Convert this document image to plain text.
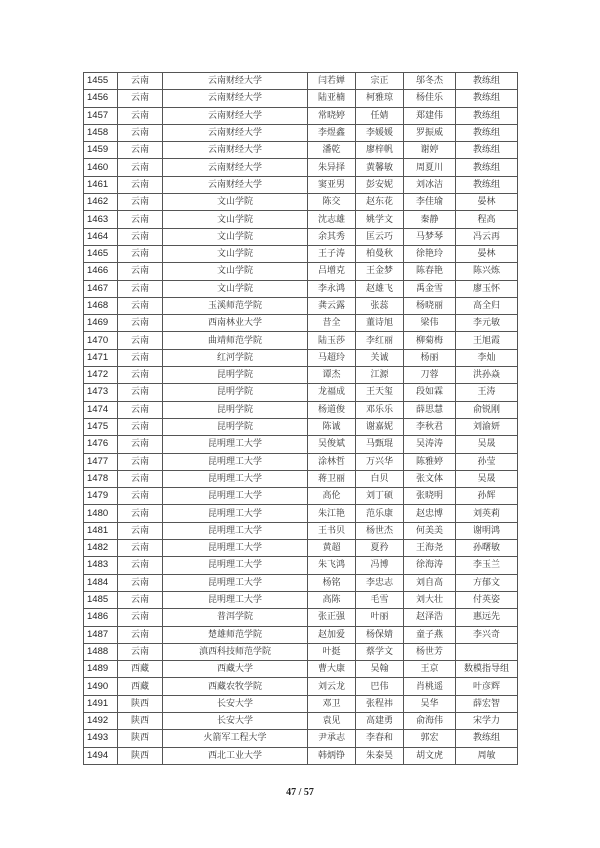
1455	云南	云南财经大学	闫若婵	宗正	邬冬杰	教练组
1456	云南	云南财经大学	陆亚楠	柯雅琼	杨佳乐	教练组
1457	云南	云南财经大学	常晓婷	任婧	郑建伟	教练组
1458	云南	云南财经大学	李煜鑫	李媛媛	罗振威	教练组
1459	云南	云南财经大学	潘乾	廖梓帆	谢婷	教练组
1460	云南	云南财经大学	朱异择	黄馨敏	周夏川	教练组
1461	云南	云南财经大学	窦亚男	彭安妮	刘冰洁	教练组
1462	云南	文山学院	陈交	赵东花	李佳瑜	晏林
1463	云南	文山学院	沈志雄	姚学文	秦静	程高
1464	云南	文山学院	余其秀	匡云巧	马梦琴	冯云再
1465	云南	文山学院	王子涛	柏曼秋	徐艳玲	晏林
1466	云南	文山学院	吕增克	王金梦	陈春艳	陈兴炼
1467	云南	文山学院	李永鸿	赵雄飞	禹金雪	廖玉怀
1468	云南	玉溪师范学院	龚云露	张蕊	杨晓丽	高全归
1469	云南	西南林业大学	昔全	董诗旭	梁伟	李元敏
1470	云南	曲靖师范学院	陆玉莎	李红丽	柳菊梅	王旭霞
1471	云南	红河学院	马超玲	关诚	杨丽	李灿
1472	云南	昆明学院	谭杰	江源	刀蓉	洪孙焱
1473	云南	昆明学院	龙福成	王天玺	段如霖	王涛
1474	云南	昆明学院	杨道俊	邓乐乐	薛思慧	俞锐刚
1475	云南	昆明学院	陈诚	谢嘉妮	李秋君	刘渝妍
1476	云南	昆明理工大学	吴俊斌	马甄琨	吴涛涛	吴晟
1477	云南	昆明理工大学	涂林哲	万兴华	陈雅婷	孙莹
1478	云南	昆明理工大学	蒋卫丽	白贝	张文体	吴晟
1479	云南	昆明理工大学	高伦	刘丁硕	张晓明	孙辉
1480	云南	昆明理工大学	朱江艳	范乐康	赵忠博	刘英莉
1481	云南	昆明理工大学	王书贝	杨世杰	何美美	谢明鸿
1482	云南	昆明理工大学	黄超	夏矜	王海尧	孙曙敏
1483	云南	昆明理工大学	朱飞鸿	冯博	徐海涛	李玉兰
1484	云南	昆明理工大学	杨铭	李忠志	刘自高	方郁文
1485	云南	昆明理工大学	高陈	毛雪	刘大壮	付英姿
1486	云南	普洱学院	张正强	叶丽	赵泽浩	惠远先
1487	云南	楚雄师范学院	赵加爱	杨保婧	童子燕	李兴奇
1488	云南	滇西科技师范学院	叶挺	蔡学文	杨世芳	
1489	西藏	西藏大学	曹大康	吴翰	王京	数模指导组
1490	西藏	西藏农牧学院	刘云龙	巴伟	肖桃遥	叶彦辉
1491	陕西	长安大学	邓卫	张程祎	吴华	薛宏智
1492	陕西	长安大学	袁见	高建勇	俞海伟	宋学力
1493	陕西	火箭军工程大学	尹承志	李春和	郭宏	教练组
1494	陕西	西北工业大学	韩炳铮	朱泰昊	胡文虎	周敏
47 / 57
